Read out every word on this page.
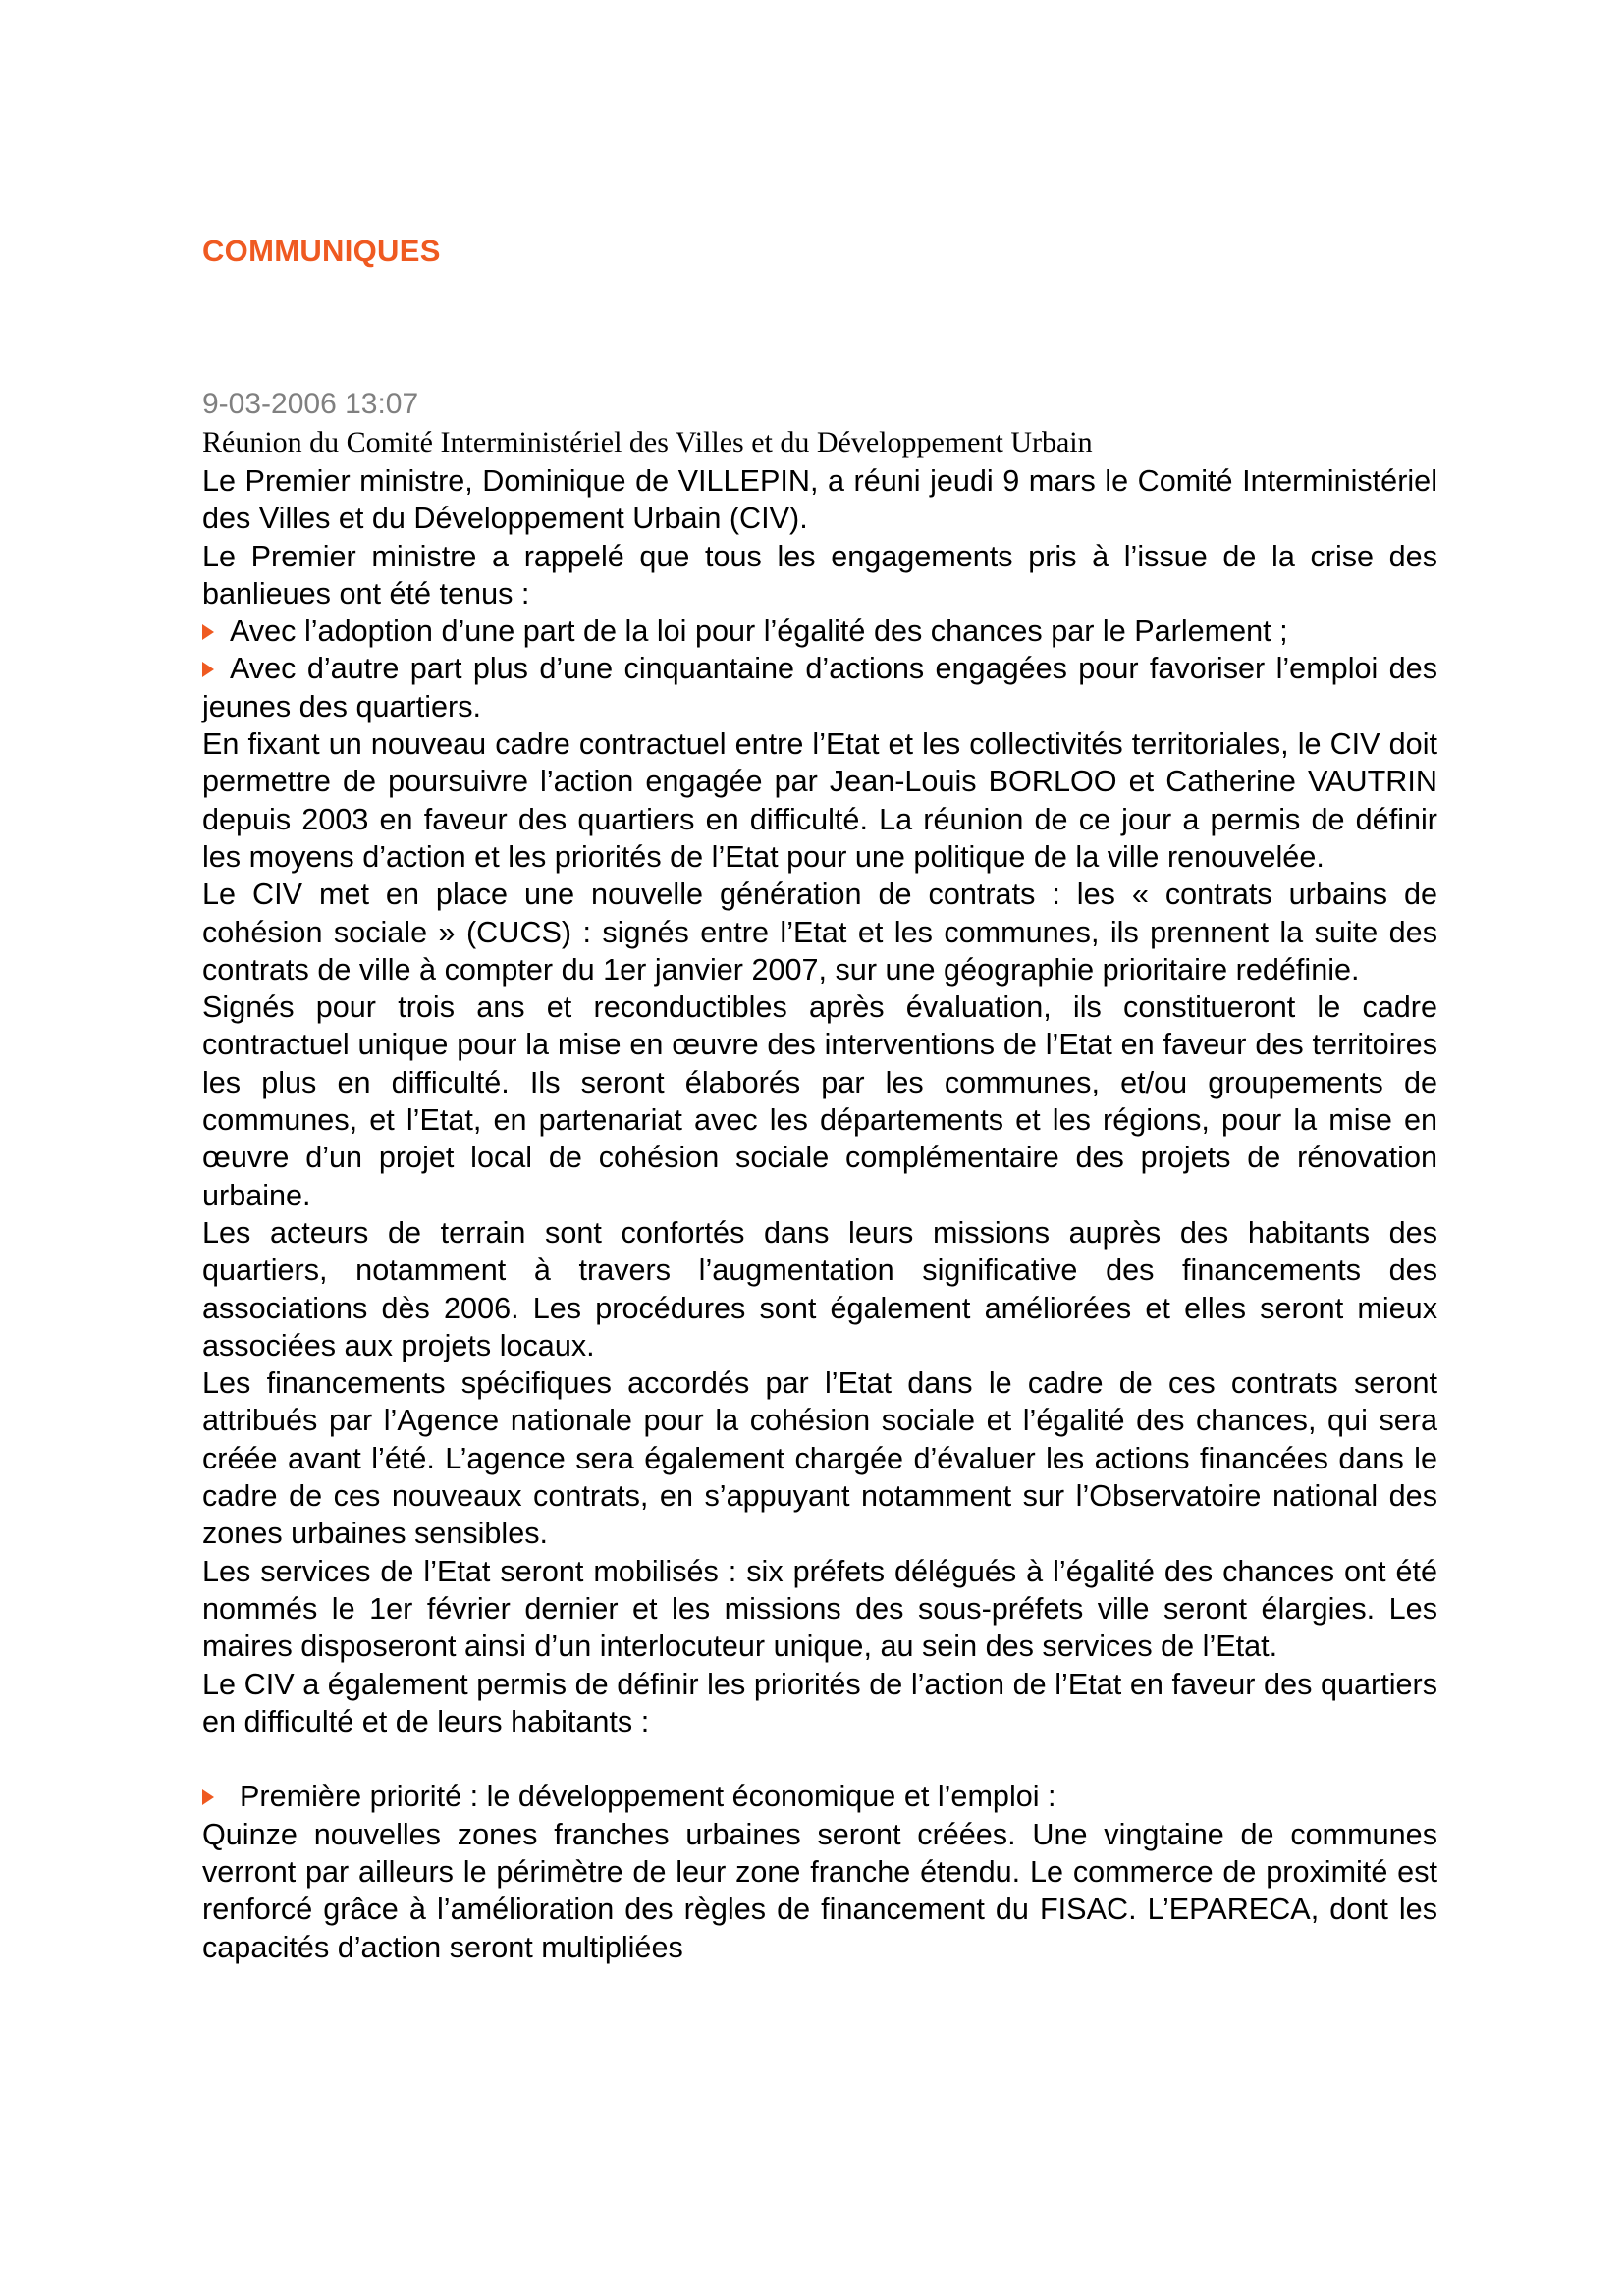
COMMUNIQUES
9-03-2006 13:07
Réunion du Comité Interministériel des Villes et du Développement Urbain

Le Premier ministre, Dominique de VILLEPIN, a réuni jeudi 9 mars le Comité Interministériel des Villes et du Développement Urbain (CIV).

Le Premier ministre a rappelé que tous les engagements pris à l’issue de la crise des banlieues ont été tenus :

Avec l’adoption d’une part de la loi pour l’égalité des chances par le Parlement ;

Avec d’autre part plus d’une cinquantaine d’actions engagées pour favoriser l’emploi des jeunes des quartiers.

En fixant un nouveau cadre contractuel entre l’Etat et les collectivités territoriales, le CIV doit permettre de poursuivre l’action engagée par Jean-Louis BORLOO et Catherine VAUTRIN depuis 2003 en faveur des quartiers en difficulté. La réunion de ce jour a permis de définir les moyens d’action et les priorités de l’Etat pour une politique de la ville renouvelée.

Le CIV met en place une nouvelle génération de contrats : les « contrats urbains de cohésion sociale » (CUCS) : signés entre l’Etat et les communes, ils prennent la suite des contrats de ville à compter du 1er janvier 2007, sur une géographie prioritaire redéfinie.

Signés pour trois ans et reconductibles après évaluation, ils constitueront le cadre contractuel unique pour la mise en œuvre des interventions de l’Etat en faveur des territoires les plus en difficulté. Ils seront élaborés par les communes, et/ou groupements de communes, et l’Etat, en partenariat avec les départements et les régions, pour la mise en œuvre d’un projet local de cohésion sociale complémentaire des projets de rénovation urbaine.

Les acteurs de terrain sont confortés dans leurs missions auprès des habitants des quartiers, notamment à travers l’augmentation significative des financements des associations dès 2006. Les procédures sont également améliorées et elles seront mieux associées aux projets locaux.

Les financements spécifiques accordés par l’Etat dans le cadre de ces contrats seront attribués par l’Agence nationale pour la cohésion sociale et l’égalité des chances, qui sera créée avant l’été. L’agence sera également chargée d’évaluer les actions financées dans le cadre de ces nouveaux contrats, en s’appuyant notamment sur l’Observatoire national des zones urbaines sensibles.

Les services de l’Etat seront mobilisés : six préfets délégués à l’égalité des chances ont été nommés le 1er février dernier et les missions des sous-préfets ville seront élargies. Les maires disposeront ainsi d’un interlocuteur unique, au sein des services de l’Etat.

Le CIV a également permis de définir les priorités de l’action de l’Etat en faveur des quartiers en difficulté et de leurs habitants :

Première priorité : le développement économique et l’emploi :

Quinze nouvelles zones franches urbaines seront créées. Une vingtaine de communes verront par ailleurs le périmètre de leur zone franche étendu. Le commerce de proximité est renforcé grâce à l’amélioration des règles de financement du FISAC. L’EPARECA, dont les capacités d’action seront multipliées
